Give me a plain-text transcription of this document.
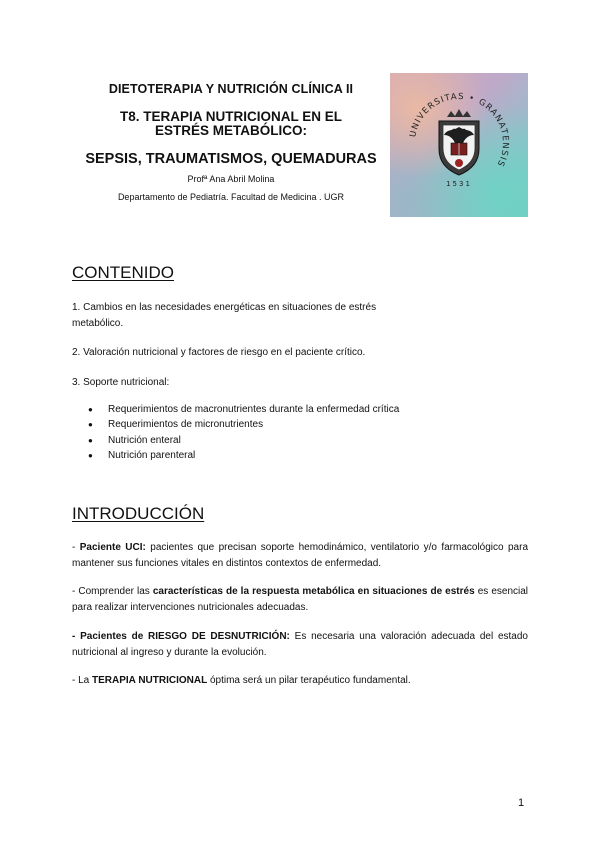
DIETOTERAPIA Y NUTRICIÓN CLÍNICA II
T8. TERAPIA NUTRICIONAL EN EL
ESTRÉS METABÓLICO:
SEPSIS, TRAUMATISMOS, QUEMADURAS
Profª Ana Abril Molina
Departamento de Pediatría. Facultad de Medicina . UGR
UNIVERSITAS • GRANATENSIS
1531
CONTENIDO

1. Cambios en las necesidades energéticas en situaciones de estrés metabólico.

2. Valoración nutricional y factores de riesgo en el paciente crítico.

3. Soporte nutricional:

● Requerimientos de macronutrientes durante la enfermedad crítica
● Requerimientos de micronutrientes
● Nutrición enteral
● Nutrición parenteral
INTRODUCCIÓN

- Paciente UCI: pacientes que precisan soporte hemodinámico, ventilatorio y/o farmacológico para mantener sus funciones vitales en distintos contextos de enfermedad.

- Comprender las características de la respuesta metabólica en situaciones de estrés es esencial para realizar intervenciones nutricionales adecuadas.

- Pacientes de RIESGO DE DESNUTRICIÓN: Es necesaria una valoración adecuada del estado nutricional al ingreso y durante la evolución.

- La TERAPIA NUTRICIONAL óptima será un pilar terapéutico fundamental.

1
